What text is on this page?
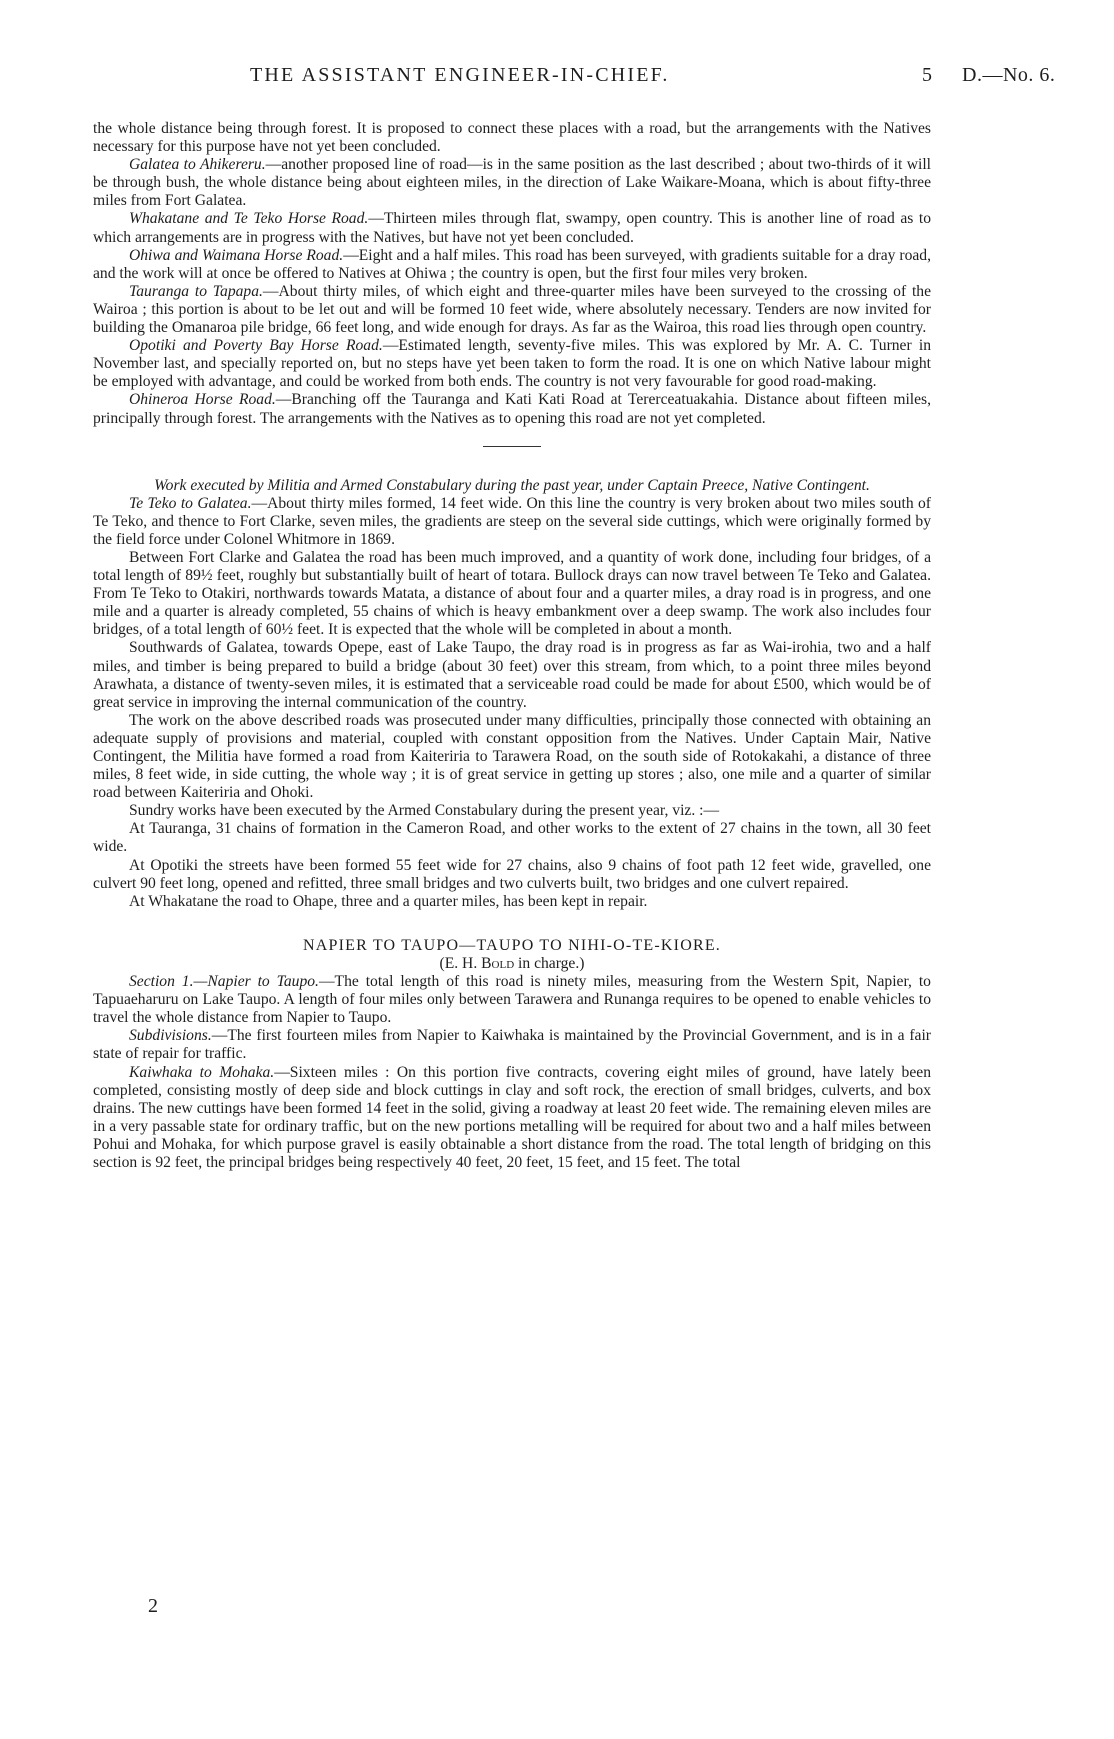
THE ASSISTANT ENGINEER-IN-CHIEF.	5 D.—No. 6.

the whole distance being through forest. It is proposed to connect these places with a road, but the arrangements with the Natives necessary for this purpose have not yet been concluded.

Galatea to Ahikereru.—another proposed line of road—is in the same position as the last described ; about two-thirds of it will be through bush, the whole distance being about eighteen miles, in the direction of Lake Waikare-Moana, which is about fifty-three miles from Fort Galatea.

Whakatane and Te Teko Horse Road.—Thirteen miles through flat, swampy, open country. This is another line of road as to which arrangements are in progress with the Natives, but have not yet been concluded.

Ohiwa and Waimana Horse Road.—Eight and a half miles. This road has been surveyed, with gradients suitable for a dray road, and the work will at once be offered to Natives at Ohiwa ; the country is open, but the first four miles very broken.

Tauranga to Tapapa.—About thirty miles, of which eight and three-quarter miles have been surveyed to the crossing of the Wairoa ; this portion is about to be let out and will be formed 10 feet wide, where absolutely necessary. Tenders are now invited for building the Omanaroa pile bridge, 66 feet long, and wide enough for drays. As far as the Wairoa, this road lies through open country.

Opotiki and Poverty Bay Horse Road.—Estimated length, seventy-five miles. This was explored by Mr. A. C. Turner in November last, and specially reported on, but no steps have yet been taken to form the road. It is one on which Native labour might be employed with advantage, and could be worked from both ends. The country is not very favourable for good road-making.

Ohineroa Horse Road.—Branching off the Tauranga and Kati Kati Road at Tererceatuakahia. Distance about fifteen miles, principally through forest. The arrangements with the Natives as to opening this road are not yet completed.

Work executed by Militia and Armed Constabulary during the past year, under Captain Preece, Native Contingent.

Te Teko to Galatea.—About thirty miles formed, 14 feet wide. On this line the country is very broken about two miles south of Te Teko, and thence to Fort Clarke, seven miles, the gradients are steep on the several side cuttings, which were originally formed by the field force under Colonel Whitmore in 1869.

Between Fort Clarke and Galatea the road has been much improved, and a quantity of work done, including four bridges, of a total length of 89½ feet, roughly but substantially built of heart of totara. Bullock drays can now travel between Te Teko and Galatea. From Te Teko to Otakiri, northwards towards Matata, a distance of about four and a quarter miles, a dray road is in progress, and one mile and a quarter is already completed, 55 chains of which is heavy embankment over a deep swamp. The work also includes four bridges, of a total length of 60½ feet. It is expected that the whole will be completed in about a month.

Southwards of Galatea, towards Opepe, east of Lake Taupo, the dray road is in progress as far as Wai-irohia, two and a half miles, and timber is being prepared to build a bridge (about 30 feet) over this stream, from which, to a point three miles beyond Arawhata, a distance of twenty-seven miles, it is estimated that a serviceable road could be made for about £500, which would be of great service in improving the internal communication of the country.

The work on the above described roads was prosecuted under many difficulties, principally those connected with obtaining an adequate supply of provisions and material, coupled with constant opposition from the Natives. Under Captain Mair, Native Contingent, the Militia have formed a road from Kaiteriria to Tarawera Road, on the south side of Rotokakahi, a distance of three miles, 8 feet wide, in side cutting, the whole way ; it is of great service in getting up stores ; also, one mile and a quarter of similar road between Kaiteriria and Ohoki.

Sundry works have been executed by the Armed Constabulary during the present year, viz. :—

At Tauranga, 31 chains of formation in the Cameron Road, and other works to the extent of 27 chains in the town, all 30 feet wide.

At Opotiki the streets have been formed 55 feet wide for 27 chains, also 9 chains of foot path 12 feet wide, gravelled, one culvert 90 feet long, opened and refitted, three small bridges and two culverts built, two bridges and one culvert repaired.

At Whakatane the road to Ohape, three and a quarter miles, has been kept in repair.

NAPIER TO TAUPO—TAUPO TO NIHI-O-TE-KIORE.

(E. H. Bold in charge.)

Section 1.—Napier to Taupo.—The total length of this road is ninety miles, measuring from the Western Spit, Napier, to Tapuaeharuru on Lake Taupo. A length of four miles only between Tarawera and Runanga requires to be opened to enable vehicles to travel the whole distance from Napier to Taupo.

Subdivisions.—The first fourteen miles from Napier to Kaiwhaka is maintained by the Provincial Government, and is in a fair state of repair for traffic.

Kaiwhaka to Mohaka.—Sixteen miles : On this portion five contracts, covering eight miles of ground, have lately been completed, consisting mostly of deep side and block cuttings in clay and soft rock, the erection of small bridges, culverts, and box drains. The new cuttings have been formed 14 feet in the solid, giving a roadway at least 20 feet wide. The remaining eleven miles are in a very passable state for ordinary traffic, but on the new portions metalling will be required for about two and a half miles between Pohui and Mohaka, for which purpose gravel is easily obtainable a short distance from the road. The total length of bridging on this section is 92 feet, the principal bridges being respectively 40 feet, 20 feet, 15 feet, and 15 feet. The total

2
